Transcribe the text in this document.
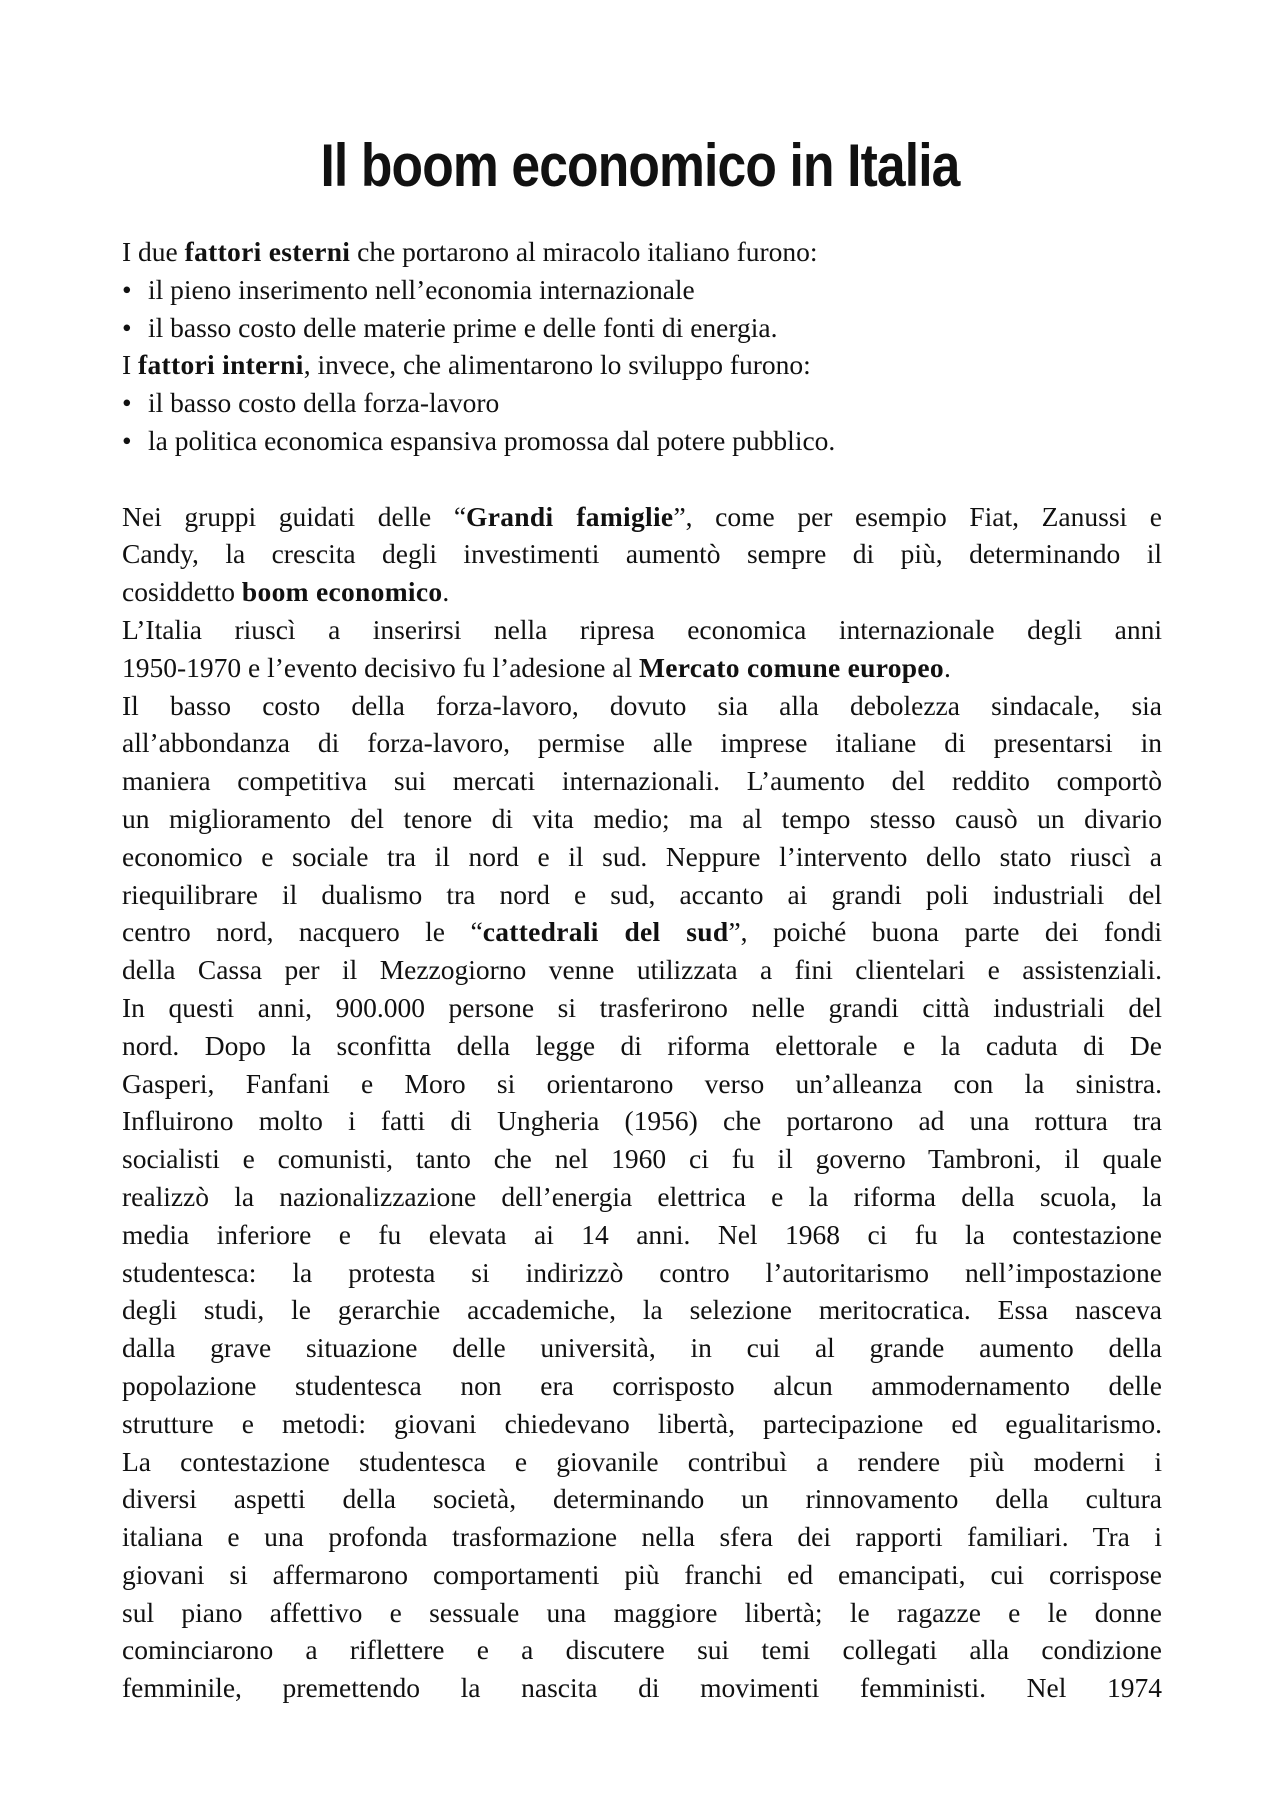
Il boom economico in Italia

I due fattori esterni che portarono al miracolo italiano furono:

• il pieno inserimento nell’economia internazionale

• il basso costo delle materie prime e delle fonti di energia.

I fattori interni, invece, che alimentarono lo sviluppo furono:

• il basso costo della forza-lavoro

• la politica economica espansiva promossa dal potere pubblico.

Nei gruppi guidati delle “Grandi famiglie”, come per esempio Fiat, Zanussi e

Candy, la crescita degli investimenti aumentò sempre di più, determinando il

cosiddetto boom economico.

L’Italia riuscì a inserirsi nella ripresa economica internazionale degli anni

1950-1970 e l’evento decisivo fu l’adesione al Mercato comune europeo.

Il basso costo della forza-lavoro, dovuto sia alla debolezza sindacale, sia

all’abbondanza di forza-lavoro, permise alle imprese italiane di presentarsi in

maniera competitiva sui mercati internazionali. L’aumento del reddito comportò

un miglioramento del tenore di vita medio; ma al tempo stesso causò un divario

economico e sociale tra il nord e il sud. Neppure l’intervento dello stato riuscì a

riequilibrare il dualismo tra nord e sud, accanto ai grandi poli industriali del

centro nord, nacquero le “cattedrali del sud”, poiché buona parte dei fondi

della Cassa per il Mezzogiorno venne utilizzata a fini clientelari e assistenziali.

In questi anni, 900.000 persone si trasferirono nelle grandi città industriali del

nord. Dopo la sconfitta della legge di riforma elettorale e la caduta di De

Gasperi, Fanfani e Moro si orientarono verso un’alleanza con la sinistra.

Influirono molto i fatti di Ungheria (1956) che portarono ad una rottura tra

socialisti e comunisti, tanto che nel 1960 ci fu il governo Tambroni, il quale

realizzò la nazionalizzazione dell’energia elettrica e la riforma della scuola, la

media inferiore e fu elevata ai 14 anni. Nel 1968 ci fu la contestazione

studentesca: la protesta si indirizzò contro l’autoritarismo nell’impostazione

degli studi, le gerarchie accademiche, la selezione meritocratica. Essa nasceva

dalla grave situazione delle università, in cui al grande aumento della

popolazione studentesca non era corrisposto alcun ammodernamento delle

strutture e metodi: giovani chiedevano libertà, partecipazione ed egualitarismo.

La contestazione studentesca e giovanile contribuì a rendere più moderni i

diversi aspetti della società, determinando un rinnovamento della cultura

italiana e una profonda trasformazione nella sfera dei rapporti familiari. Tra i

giovani si affermarono comportamenti più franchi ed emancipati, cui corrispose

sul piano affettivo e sessuale una maggiore libertà; le ragazze e le donne

cominciarono a riflettere e a discutere sui temi collegati alla condizione

femminile, premettendo la nascita di movimenti femministi. Nel 1974
